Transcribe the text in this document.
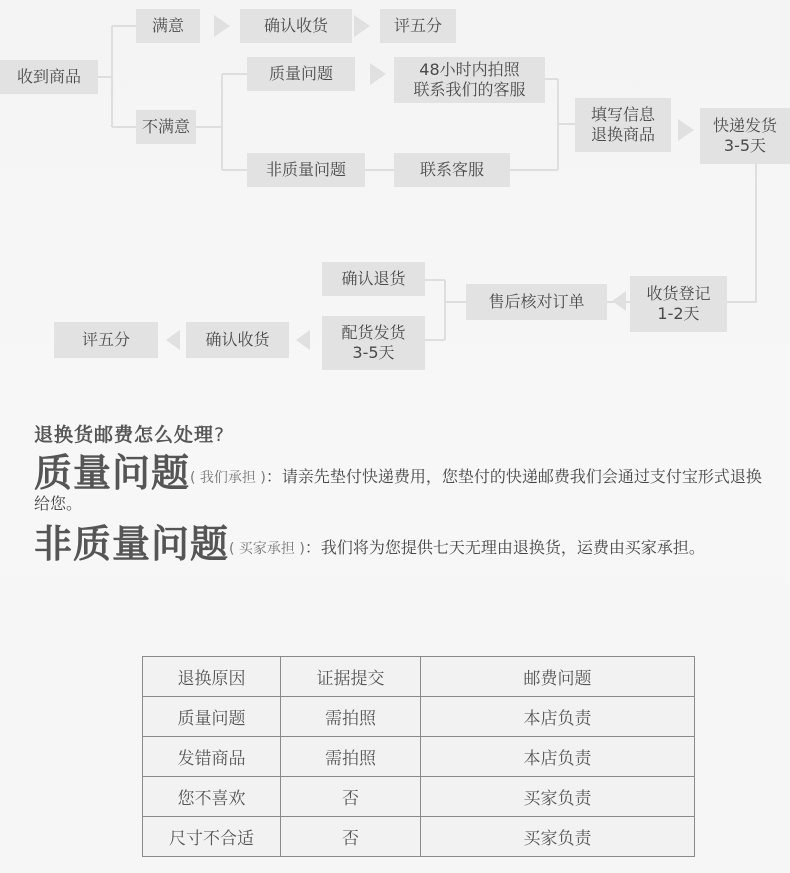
收到商品
满意	确认收货	评五分
不满意
质量问题	48小时内拍照
联系我们的客服
非质量问题	联系客服
填写信息
退换商品	快递发货
3-5天
收货登记
1-2天
售后核对订单
确认退货
配货发货
3-5天
确认收货
评五分
退换货邮费怎么处理?
质量问题( 我们承担 )：请亲先垫付快递费用，您垫付的快递邮费我们会通过支付宝形式退换给您。
非质量问题( 买家承担 )：我们将为您提供七天无理由退换货，运费由买家承担。
退换原因	证据提交	邮费问题
质量问题	需拍照	本店负责
发错商品	需拍照	本店负责
您不喜欢	否	买家负责
尺寸不合适	否	买家负责
